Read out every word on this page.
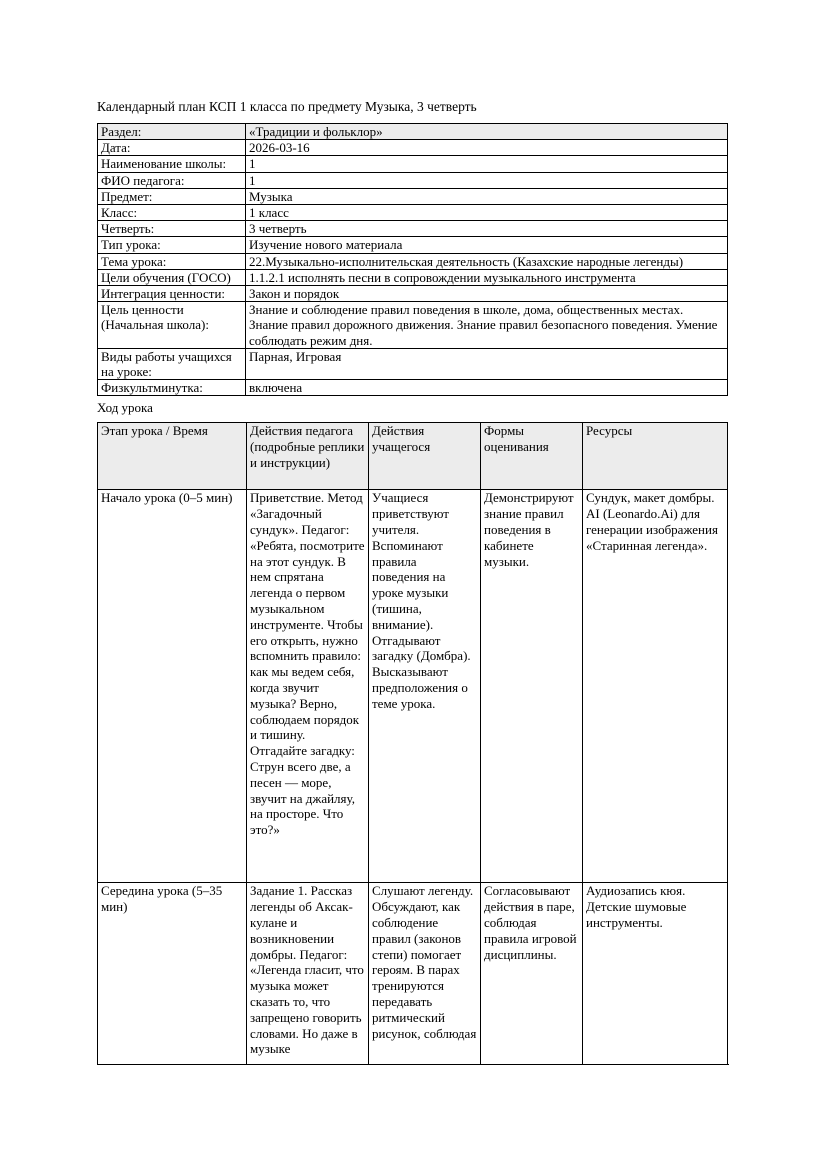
Календарный план КСП 1 класса по предмету Музыка, 3 четверть

Раздел:	«Традиции и фольклор»
Дата:	2026-03-16
Наименование школы:	1
ФИО педагога:	1
Предмет:	Музыка
Класс:	1 класс
Четверть:	3 четверть
Тип урока:	Изучение нового материала
Тема урока:	22.Музыкально-исполнительская деятельность (Казахские народные легенды)
Цели обучения (ГОСО)	1.1.2.1 исполнять песни в сопровождении музыкального инструмента
Интеграция ценности:	Закон и порядок
Цель ценности (Начальная школа):	Знание и соблюдение правил поведения в школе, дома, общественных местах. Знание правил дорожного движения. Знание правил безопасного поведения. Умение соблюдать режим дня.
Виды работы учащихся на уроке:	Парная, Игровая
Физкультминутка:	включена

Ход урока

Этап урока / Время	Действия педагога (подробные реплики и инструкции)	Действия учащегося	Формы оценивания	Ресурсы
Начало урока (0–5 мин)	Приветствие. Метод «Загадочный сундук». Педагог: «Ребята, посмотрите на этот сундук. В нем спрятана легенда о первом музыкальном инструменте. Чтобы его открыть, нужно вспомнить правило: как мы ведем себя, когда звучит музыка? Верно, соблюдаем порядок и тишину. Отгадайте загадку: Струн всего две, а песен — море, звучит на джайляу, на просторе. Что это?»	Учащиеся приветствуют учителя. Вспоминают правила поведения на уроке музыки (тишина, внимание). Отгадывают загадку (Домбра). Высказывают предположения о теме урока.	Демонстрируют знание правил поведения в кабинете музыки.	Сундук, макет домбры. AI (Leonardo.Ai) для генерации изображения «Старинная легенда».
Середина урока (5–35 мин)	Задание 1. Рассказ легенды об Аксак-кулане и возникновении домбры. Педагог: «Легенда гласит, что музыка может сказать то, что запрещено говорить словами. Но даже в музыке	Слушают легенду. Обсуждают, как соблюдение правил (законов степи) помогает героям. В парах тренируются передавать ритмический рисунок, соблюдая	Согласовывают действия в паре, соблюдая правила игровой дисциплины.	Аудиозапись кюя. Детские шумовые инструменты.
